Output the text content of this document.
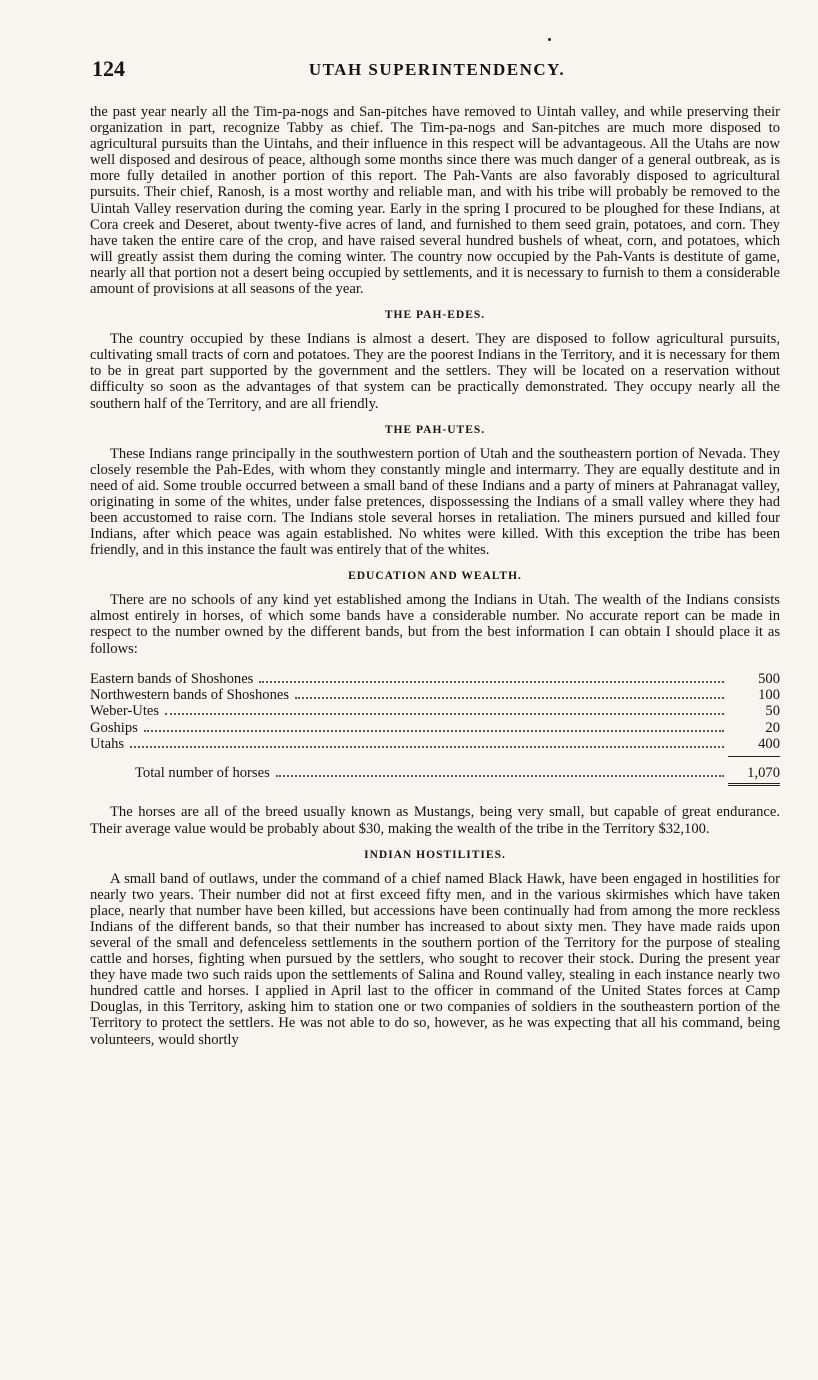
124	UTAH SUPERINTENDENCY.

the past year nearly all the Tim-pa-nogs and San-pitches have removed to Uintah valley, and while preserving their organization in part, recognize Tabby as chief. The Tim-pa-nogs and San-pitches are much more disposed to agricultural pursuits than the Uintahs, and their influence in this respect will be advantageous. All the Utahs are now well disposed and desirous of peace, although some months since there was much danger of a general outbreak, as is more fully detailed in another portion of this report. The Pah-Vants are also favorably disposed to agricultural pursuits. Their chief, Ranosh, is a most worthy and reliable man, and with his tribe will probably be removed to the Uintah Valley reservation during the coming year. Early in the spring I procured to be ploughed for these Indians, at Cora creek and Deseret, about twenty-five acres of land, and furnished to them seed grain, potatoes, and corn. They have taken the entire care of the crop, and have raised several hundred bushels of wheat, corn, and potatoes, which will greatly assist them during the coming winter. The country now occupied by the Pah-Vants is destitute of game, nearly all that portion not a desert being occupied by settlements, and it is necessary to furnish to them a considerable amount of provisions at all seasons of the year.

THE PAH-EDES.

The country occupied by these Indians is almost a desert. They are disposed to follow agricultural pursuits, cultivating small tracts of corn and potatoes. They are the poorest Indians in the Territory, and it is necessary for them to be in great part supported by the government and the settlers. They will be located on a reservation without difficulty so soon as the advantages of that system can be practically demonstrated. They occupy nearly all the southern half of the Territory, and are all friendly.

THE PAH-UTES.

These Indians range principally in the southwestern portion of Utah and the southeastern portion of Nevada. They closely resemble the Pah-Edes, with whom they constantly mingle and intermarry. They are equally destitute and in need of aid. Some trouble occurred between a small band of these Indians and a party of miners at Pahranagat valley, originating in some of the whites, under false pretences, dispossessing the Indians of a small valley where they had been accustomed to raise corn. The Indians stole several horses in retaliation. The miners pursued and killed four Indians, after which peace was again established. No whites were killed. With this exception the tribe has been friendly, and in this instance the fault was entirely that of the whites.

EDUCATION AND WEALTH.

There are no schools of any kind yet established among the Indians in Utah. The wealth of the Indians consists almost entirely in horses, of which some bands have a considerable number. No accurate report can be made in respect to the number owned by the different bands, but from the best information I can obtain I should place it as follows:

Eastern bands of Shoshones	500
Northwestern bands of Shoshones	100
Weber-Utes	50
Goships	20
Utahs	400
Total number of horses	1,070

The horses are all of the breed usually known as Mustangs, being very small, but capable of great endurance. Their average value would be probably about $30, making the wealth of the tribe in the Territory $32,100.

INDIAN HOSTILITIES.

A small band of outlaws, under the command of a chief named Black Hawk, have been engaged in hostilities for nearly two years. Their number did not at first exceed fifty men, and in the various skirmishes which have taken place, nearly that number have been killed, but accessions have been continually had from among the more reckless Indians of the different bands, so that their number has increased to about sixty men. They have made raids upon several of the small and defenceless settlements in the southern portion of the Territory for the purpose of stealing cattle and horses, fighting when pursued by the settlers, who sought to recover their stock. During the present year they have made two such raids upon the settlements of Salina and Round valley, stealing in each instance nearly two hundred cattle and horses. I applied in April last to the officer in command of the United States forces at Camp Douglas, in this Territory, asking him to station one or two companies of soldiers in the southeastern portion of the Territory to protect the settlers. He was not able to do so, however, as he was expecting that all his command, being volunteers, would shortly
